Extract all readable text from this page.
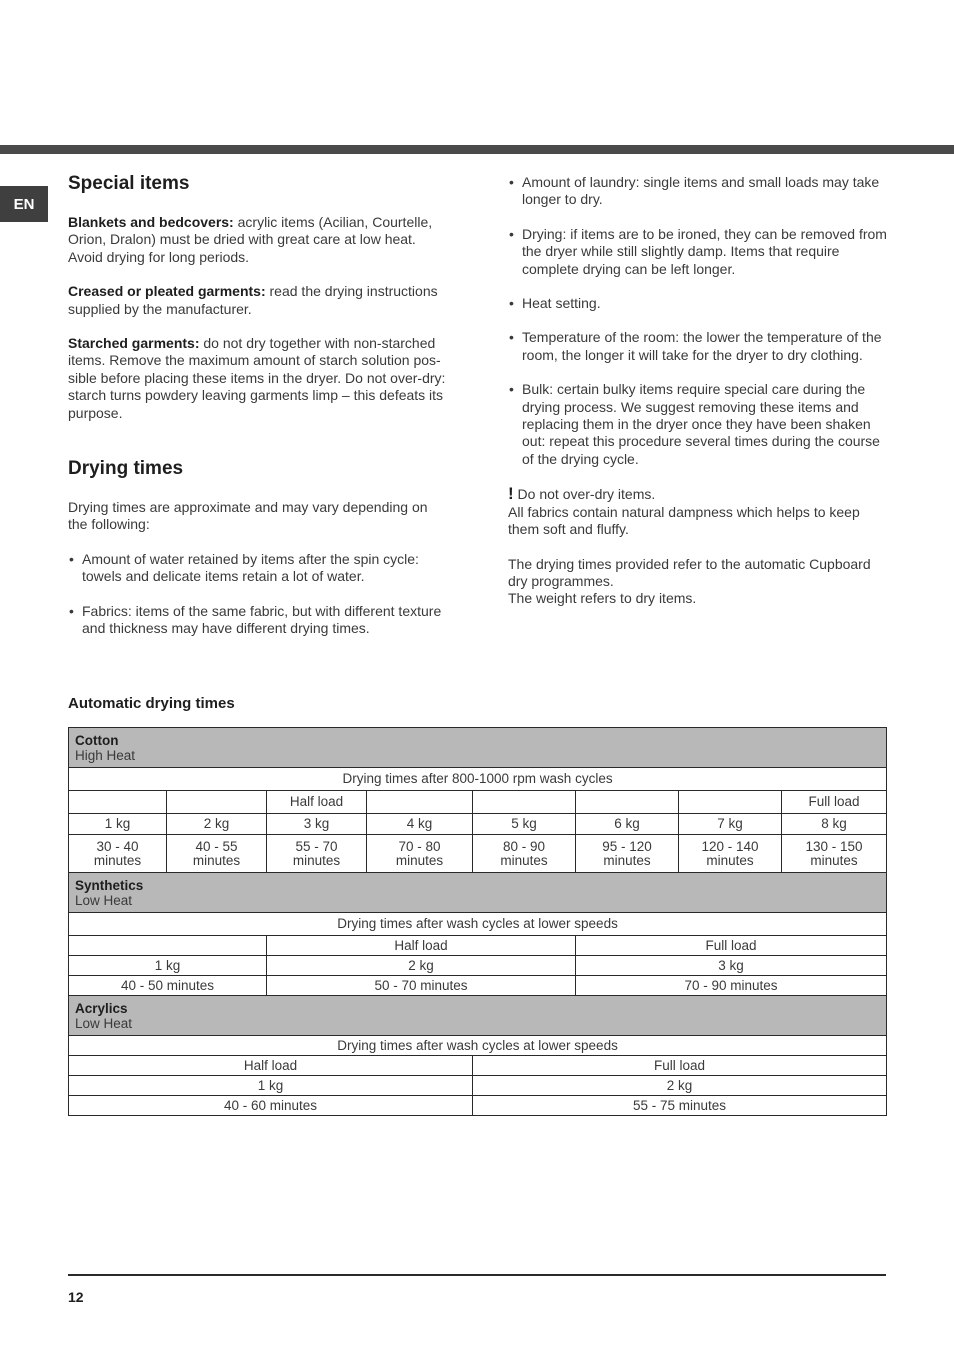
EN
Special items

Blankets and bedcovers: acrylic items (Acilian, Courtelle, Orion, Dralon) must be dried with great care at low heat. Avoid drying for long periods.

Creased or pleated garments: read the drying instructions supplied by the manufacturer.

Starched garments: do not dry together with non-starched items. Remove the maximum amount of starch solution pos-sible before placing these items in the dryer. Do not over-dry: starch turns powdery leaving garments limp – this defeats its purpose.

Drying times

Drying times are approximate and may vary depending on the following:

• Amount of water retained by items after the spin cycle: towels and delicate items retain a lot of water.
• Fabrics: items of the same fabric, but with different texture and thickness may have different drying times.
• Amount of laundry: single items and small loads may take longer to dry.
• Drying: if items are to be ironed, they can be removed from the dryer while still slightly damp. Items that require complete drying can be left longer.
• Heat setting.
• Temperature of the room: the lower the temperature of the room, the longer it will take for the dryer to dry clothing.
• Bulk: certain bulky items require special care during the drying process. We suggest removing these items and replacing them in the dryer once they have been shaken out: repeat this procedure several times during the course of the drying cycle.

! Do not over-dry items.
All fabrics contain natural dampness which helps to keep them soft and fluffy.

The drying times provided refer to the automatic Cupboard dry programmes.
The weight refers to dry items.

Automatic drying times
Cotton
High Heat							

Drying times after 800-1000 rpm wash cycles							
		Half load					Full load
1 kg	2 kg	3 kg	4 kg	5 kg	6 kg	7 kg	8 kg
30 - 40
minutes	40 - 55
minutes	55 - 70
minutes	70 - 80
minutes	80 - 90
minutes	95 - 120
minutes	120 - 140
minutes	130 - 150
minutes

Synthetics
Low Heat							

Drying times after wash cycles at lower speeds							
		Half load			Full load		
1 kg		2 kg			3 kg		
40 - 50 minutes		50 - 70 minutes			70 - 90 minutes		

Acrylics
Low Heat							

Drying times after wash cycles at lower speeds							
Half load				Full load			
1 kg				2 kg			
40 - 60 minutes				55 - 75 minutes			
12
